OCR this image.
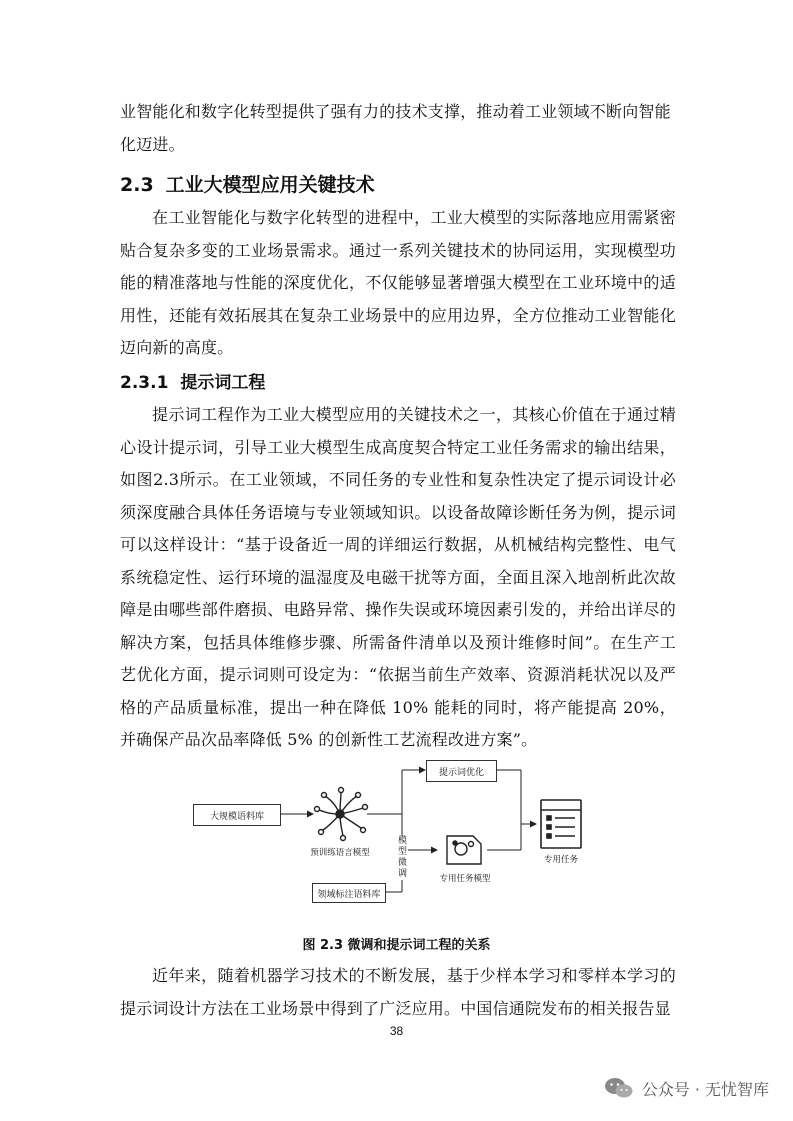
业智能化和数字化转型提供了强有力的技术支撑，推动着工业领域不断向智能
化迈进。

2.3 工业大模型应用关键技术

在工业智能化与数字化转型的进程中，工业大模型的实际落地应用需紧密贴合复杂多变的工业场景需求。通过一系列关键技术的协同运用，实现模型功能的精准落地与性能的深度优化，不仅能够显著增强大模型在工业环境中的适用性，还能有效拓展其在复杂工业场景中的应用边界，全方位推动工业智能化迈向新的高度。

2.3.1 提示词工程

提示词工程作为工业大模型应用的关键技术之一，其核心价值在于通过精心设计提示词，引导工业大模型生成高度契合特定工业任务需求的输出结果，如图2.3所示。在工业领域，不同任务的专业性和复杂性决定了提示词设计必须深度融合具体任务语境与专业领域知识。以设备故障诊断任务为例，提示词可以这样设计：“基于设备近一周的详细运行数据，从机械结构完整性、电气系统稳定性、运行环境的温湿度及电磁干扰等方面，全面且深入地剖析此次故障是由哪些部件磨损、电路异常、操作失误或环境因素引发的，并给出详尽的解决方案，包括具体维修步骤、所需备件清单以及预计维修时间”。在生产工艺优化方面，提示词则可设定为：“依据当前生产效率、资源消耗状况以及严格的产品质量标准，提出一种在降低 10% 能耗的同时，将产能提高 20%，并确保产品次品率降低 5% 的创新性工艺流程改进方案”。

大规模语料库
预训练语言模型
领域标注语料库
提示词优化
专用任务模型
模型微调
专用任务

图 2.3 微调和提示词工程的关系

近年来，随着机器学习技术的不断发展，基于少样本学习和零样本学习的提示词设计方法在工业场景中得到了广泛应用。中国信通院发布的相关报告显

38
公众号 · 无忧智库
